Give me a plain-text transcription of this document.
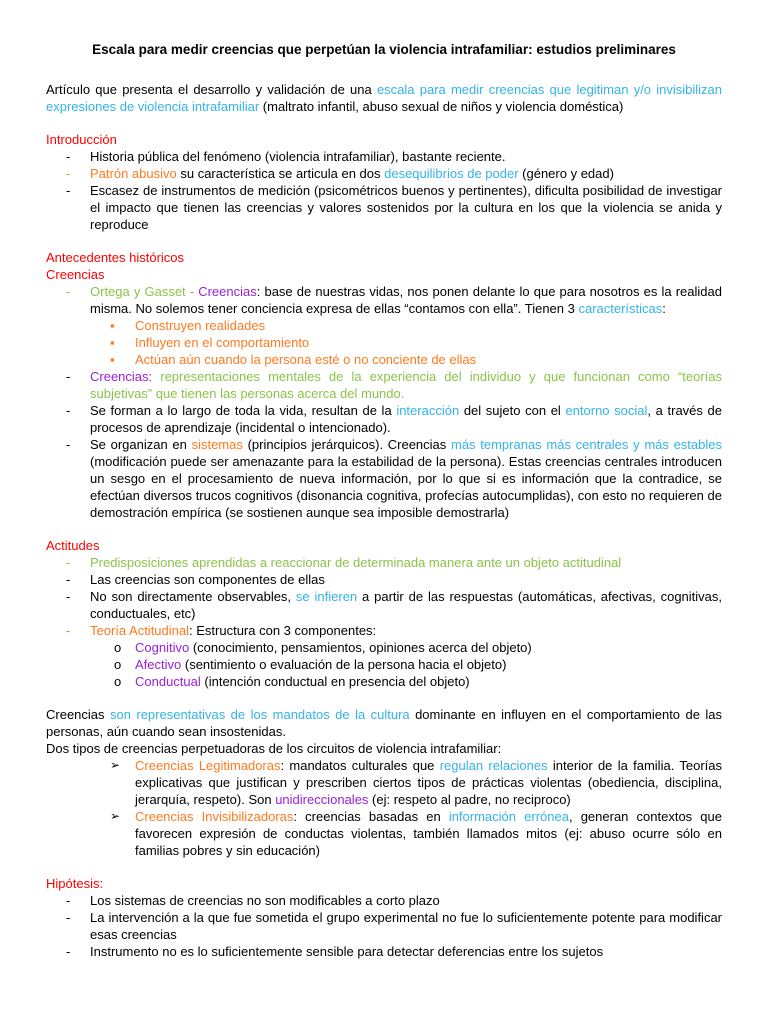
Escala para medir creencias que perpetúan la violencia intrafamiliar: estudios preliminares

Artículo que presenta el desarrollo y validación de una escala para medir creencias que legitiman y/o invisibilizan expresiones de violencia intrafamiliar (maltrato infantil, abuso sexual de niños y violencia doméstica)

Introducción
- Historia pública del fenómeno (violencia intrafamiliar), bastante reciente.
- Patrón abusivo su característica se articula en dos desequilibrios de poder (género y edad)
- Escasez de instrumentos de medición (psicométricos buenos y pertinentes), dificulta posibilidad de investigar el impacto que tienen las creencias y valores sostenidos por la cultura en los que la violencia se anida y reproduce
Antecedentes históricos
Creencias
- Ortega y Gasset - Creencias: base de nuestras vidas, nos ponen delante lo que para nosotros es la realidad misma. No solemos tener conciencia expresa de ellas “contamos con ella”. Tienen 3 características:
▪ Construyen realidades
▪ Influyen en el comportamiento
▪ Actúan aún cuando la persona esté o no conciente de ellas
- Creencias: representaciones mentales de la experiencia del individuo y que funcionan como “teorías subjetivas” que tienen las personas acerca del mundo.
- Se forman a lo largo de toda la vida, resultan de la interacción del sujeto con el entorno social, a través de procesos de aprendizaje (incidental o intencionado).
- Se organizan en sistemas (principios jerárquicos). Creencias más tempranas más centrales y más estables (modificación puede ser amenazante para la estabilidad de la persona). Estas creencias centrales introducen un sesgo en el procesamiento de nueva información, por lo que si es información que la contradice, se efectúan diversos trucos cognitivos (disonancia cognitiva, profecías autocumplidas), con esto no requieren de demostración empírica (se sostienen aunque sea imposible demostrarla)
Actitudes
- Predisposiciones aprendidas a reaccionar de determinada manera ante un objeto actitudinal
- Las creencias son componentes de ellas
- No son directamente observables, se infieren a partir de las respuestas (automáticas, afectivas, cognitivas, conductuales, etc)
- Teoría Actitudinal: Estructura con 3 componentes:
o Cognitivo (conocimiento, pensamientos, opiniones acerca del objeto)
o Afectivo (sentimiento o evaluación de la persona hacia el objeto)
o Conductual (intención conductual en presencia del objeto)

Creencias son representativas de los mandatos de la cultura dominante en influyen en el comportamiento de las personas, aún cuando sean insostenidas.

Dos tipos de creencias perpetuadoras de los circuitos de violencia intrafamiliar:

➢ Creencias Legitimadoras: mandatos culturales que regulan relaciones interior de la familia. Teorías explicativas que justifican y prescriben ciertos tipos de prácticas violentas (obediencia, disciplina, jerarquía, respeto). Son unidireccionales (ej: respeto al padre, no reciproco)
➢ Creencias Invisibilizadoras: creencias basadas en información errónea, generan contextos que favorecen expresión de conductas violentas, también llamados mitos (ej: abuso ocurre sólo en familias pobres y sin educación)
Hipótesis:
- Los sistemas de creencias no son modificables a corto plazo
- La intervención a la que fue sometida el grupo experimental no fue lo suficientemente potente para modificar esas creencias
- Instrumento no es lo suficientemente sensible para detectar deferencias entre los sujetos
